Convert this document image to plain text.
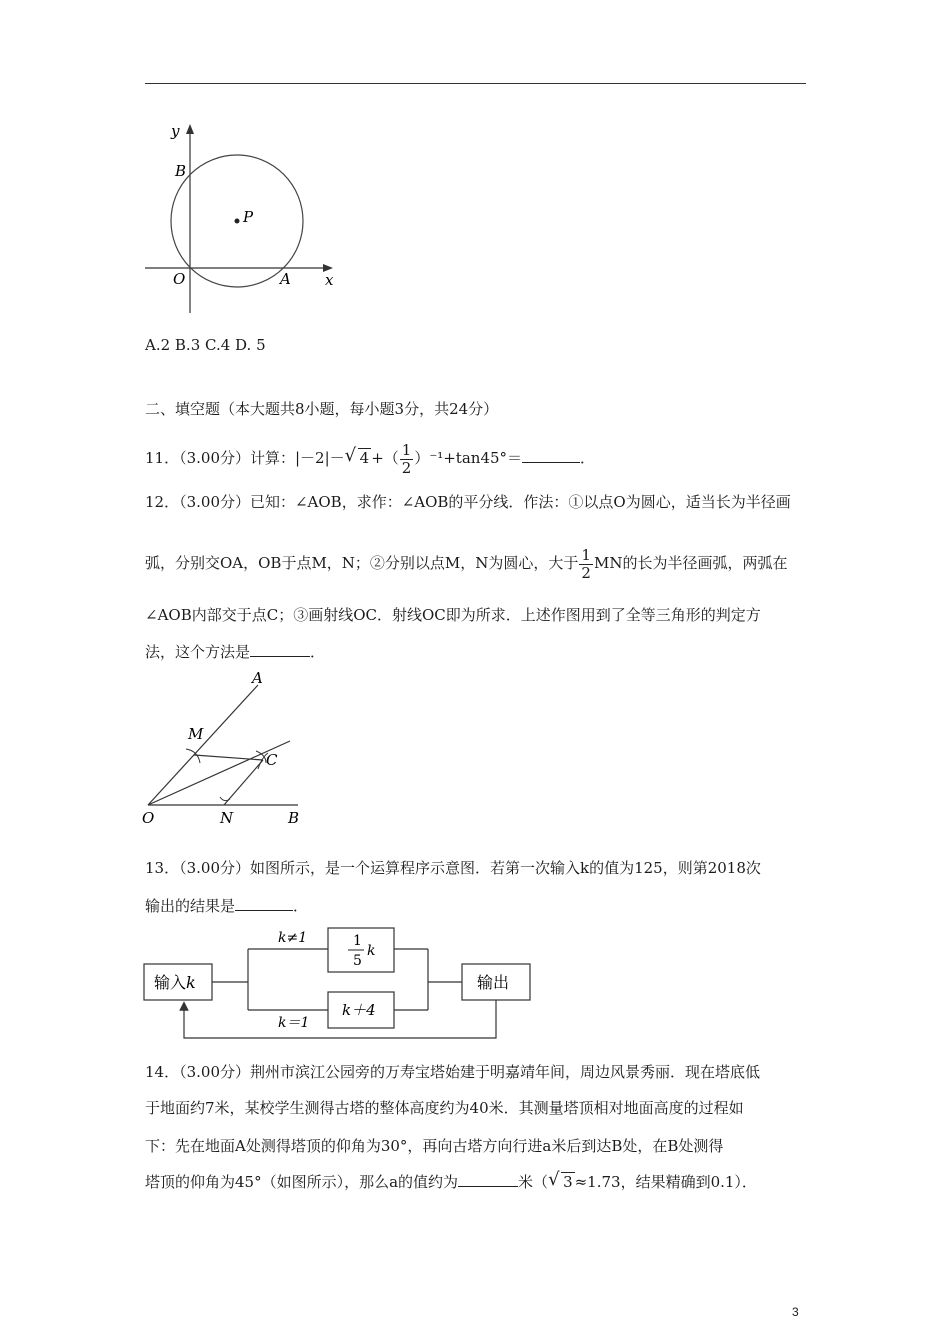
y
B
P
O	A x
A.2 B.3 C.4 D. 5
二、填空题（本大题共8小题，每小题3分，共24分）
11．（3.00分）计算：|－2|－ √ 4 +（ $\frac{1}{2} )^{-1}+\tan 45^\circ=$	．
12．（3.00分）已知：∠AOB，求作：∠AOB的平分线．作法：①以点O为圆心，适当长为半径画
弧，分别交OA，OB于点M，N；②分别以点M，N为圆心，大于 $\frac{1}{2}$ MN的长为半径画弧，两弧在
∠AOB内部交于点C；③画射线OC．射线OC即为所求．上述作图用到了全等三角形的判定方
法，这个方法是	．
A
M
C
O	N	B
13．（3.00分）如图所示，是一个运算程序示意图．若第一次输入k的值为125，则第2018次
输出的结果是	．
输入k	输出
k≠1
k＝1
1
5
k
k＋4
14．（3.00分）荆州市滨江公园旁的万寿宝塔始建于明嘉靖年间，周边风景秀丽．现在塔底低
于地面约7米，某校学生测得古塔的整体高度约为40米．其测量塔顶相对地面高度的过程如
下：先在地面A处测得塔顶的仰角为30°，再向古塔方向行进a米后到达B处，在B处测得
塔顶的仰角为45°（如图所示），那么a的值约为	米（ √ 3 ≈1.73，结果精确到0.1）．
3
